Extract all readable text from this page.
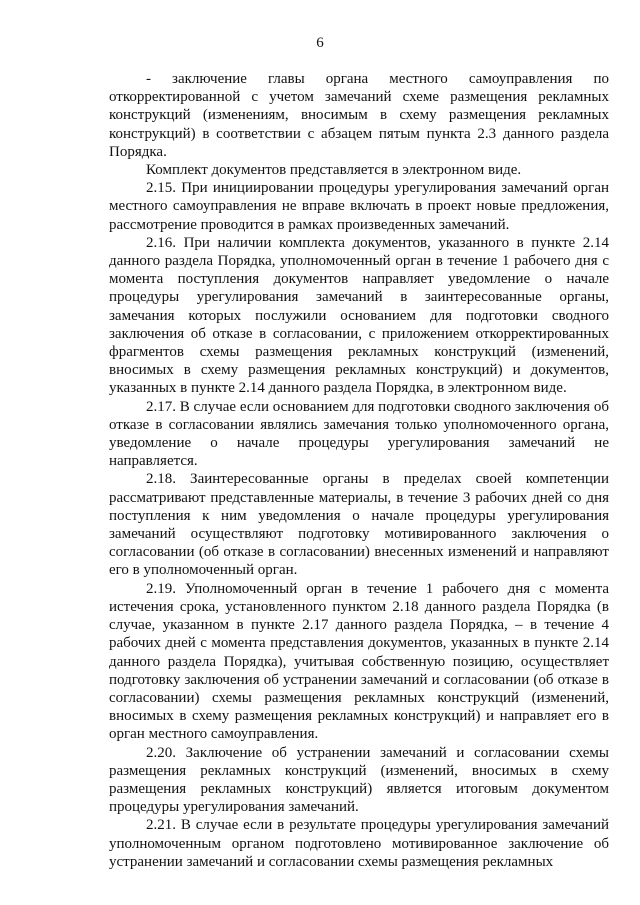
6

- заключение главы органа местного самоуправления по откорректированной с учетом замечаний схеме размещения рекламных конструкций (изменениям, вносимым в схему размещения рекламных конструкций) в соответствии с абзацем пятым пункта 2.3 данного раздела Порядка.

Комплект документов представляется в электронном виде.

2.15. При инициировании процедуры урегулирования замечаний орган местного самоуправления не вправе включать в проект новые предложения, рассмотрение проводится в рамках произведенных замечаний.

2.16. При наличии комплекта документов, указанного в пункте 2.14 данного раздела Порядка, уполномоченный орган в течение 1 рабочего дня с момента поступления документов направляет уведомление о начале процедуры урегулирования замечаний в заинтересованные органы, замечания которых послужили основанием для подготовки сводного заключения об отказе в согласовании, с приложением откорректированных фрагментов схемы размещения рекламных конструкций (изменений, вносимых в схему размещения рекламных конструкций) и документов, указанных в пункте 2.14 данного раздела Порядка, в электронном виде.

2.17. В случае если основанием для подготовки сводного заключения об отказе в согласовании являлись замечания только уполномоченного органа, уведомление о начале процедуры урегулирования замечаний не направляется.

2.18. Заинтересованные органы в пределах своей компетенции рассматривают представленные материалы, в течение 3 рабочих дней со дня поступления к ним уведомления о начале процедуры урегулирования замечаний осуществляют подготовку мотивированного заключения о согласовании (об отказе в согласовании) внесенных изменений и направляют его в уполномоченный орган.

2.19. Уполномоченный орган в течение 1 рабочего дня с момента истечения срока, установленного пунктом 2.18 данного раздела Порядка (в случае, указанном в пункте 2.17 данного раздела Порядка, – в течение 4 рабочих дней с момента представления документов, указанных в пункте 2.14 данного раздела Порядка), учитывая собственную позицию, осуществляет подготовку заключения об устранении замечаний и согласовании (об отказе в согласовании) схемы размещения рекламных конструкций (изменений, вносимых в схему размещения рекламных конструкций) и направляет его в орган местного самоуправления.

2.20. Заключение об устранении замечаний и согласовании схемы размещения рекламных конструкций (изменений, вносимых в схему размещения рекламных конструкций) является итоговым документом процедуры урегулирования замечаний.

2.21. В случае если в результате процедуры урегулирования замечаний уполномоченным органом подготовлено мотивированное заключение об устранении замечаний и согласовании схемы размещения рекламных
